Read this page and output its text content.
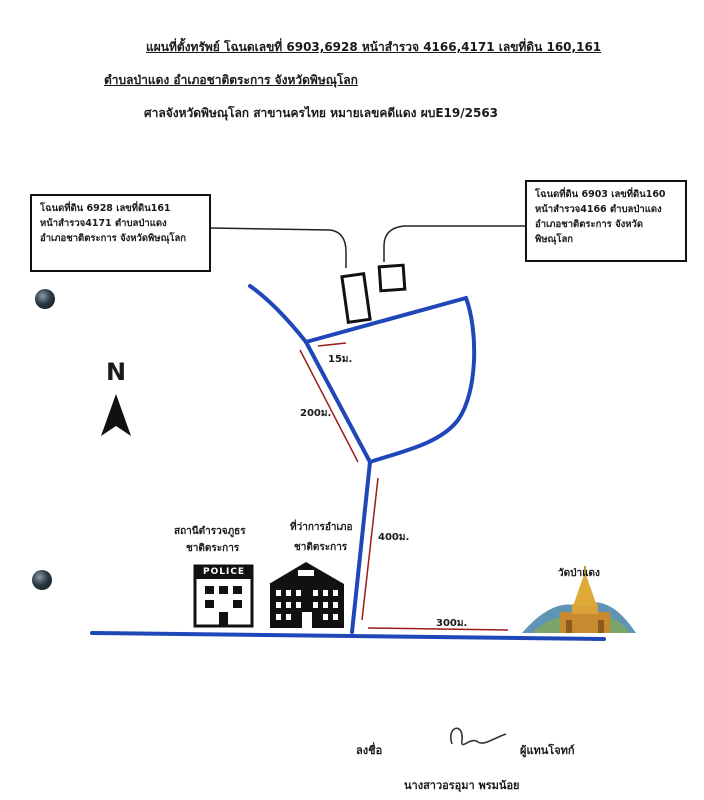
แผนที่ตั้งทรัพย์ โฉนดเลขที่ 6903,6928 หน้าสำรวจ 4166,4171 เลขที่ดิน 160,161
ตำบลป่าแดง อำเภอชาติตระการ จังหวัดพิษณุโลก
ศาลจังหวัดพิษณุโลก สาขานครไทย หมายเลขคดีแดง ผบE19/2563
โฉนดที่ดิน 6928 เลขที่ดิน161
หน้าสำรวจ4171 ตำบลป่าแดง
อำเภอชาติตระการ จังหวัดพิษณุโลก
โฉนดที่ดิน 6903 เลขที่ดิน160
หน้าสำรวจ4166 ตำบลป่าแดง
อำเภอชาติตระการ จังหวัดพิษณุโลก
N	15ม.
200ม.
400ม.
300ม.
สถานีตำรวจภูธร
ชาติตระการ
POLICE
ที่ว่าการอำเภอ
ชาติตระการ
วัดป่าแดง
ลงชื่อ	ผู้แทนโจทก์
นางสาวอรอุมา พรมน้อย
